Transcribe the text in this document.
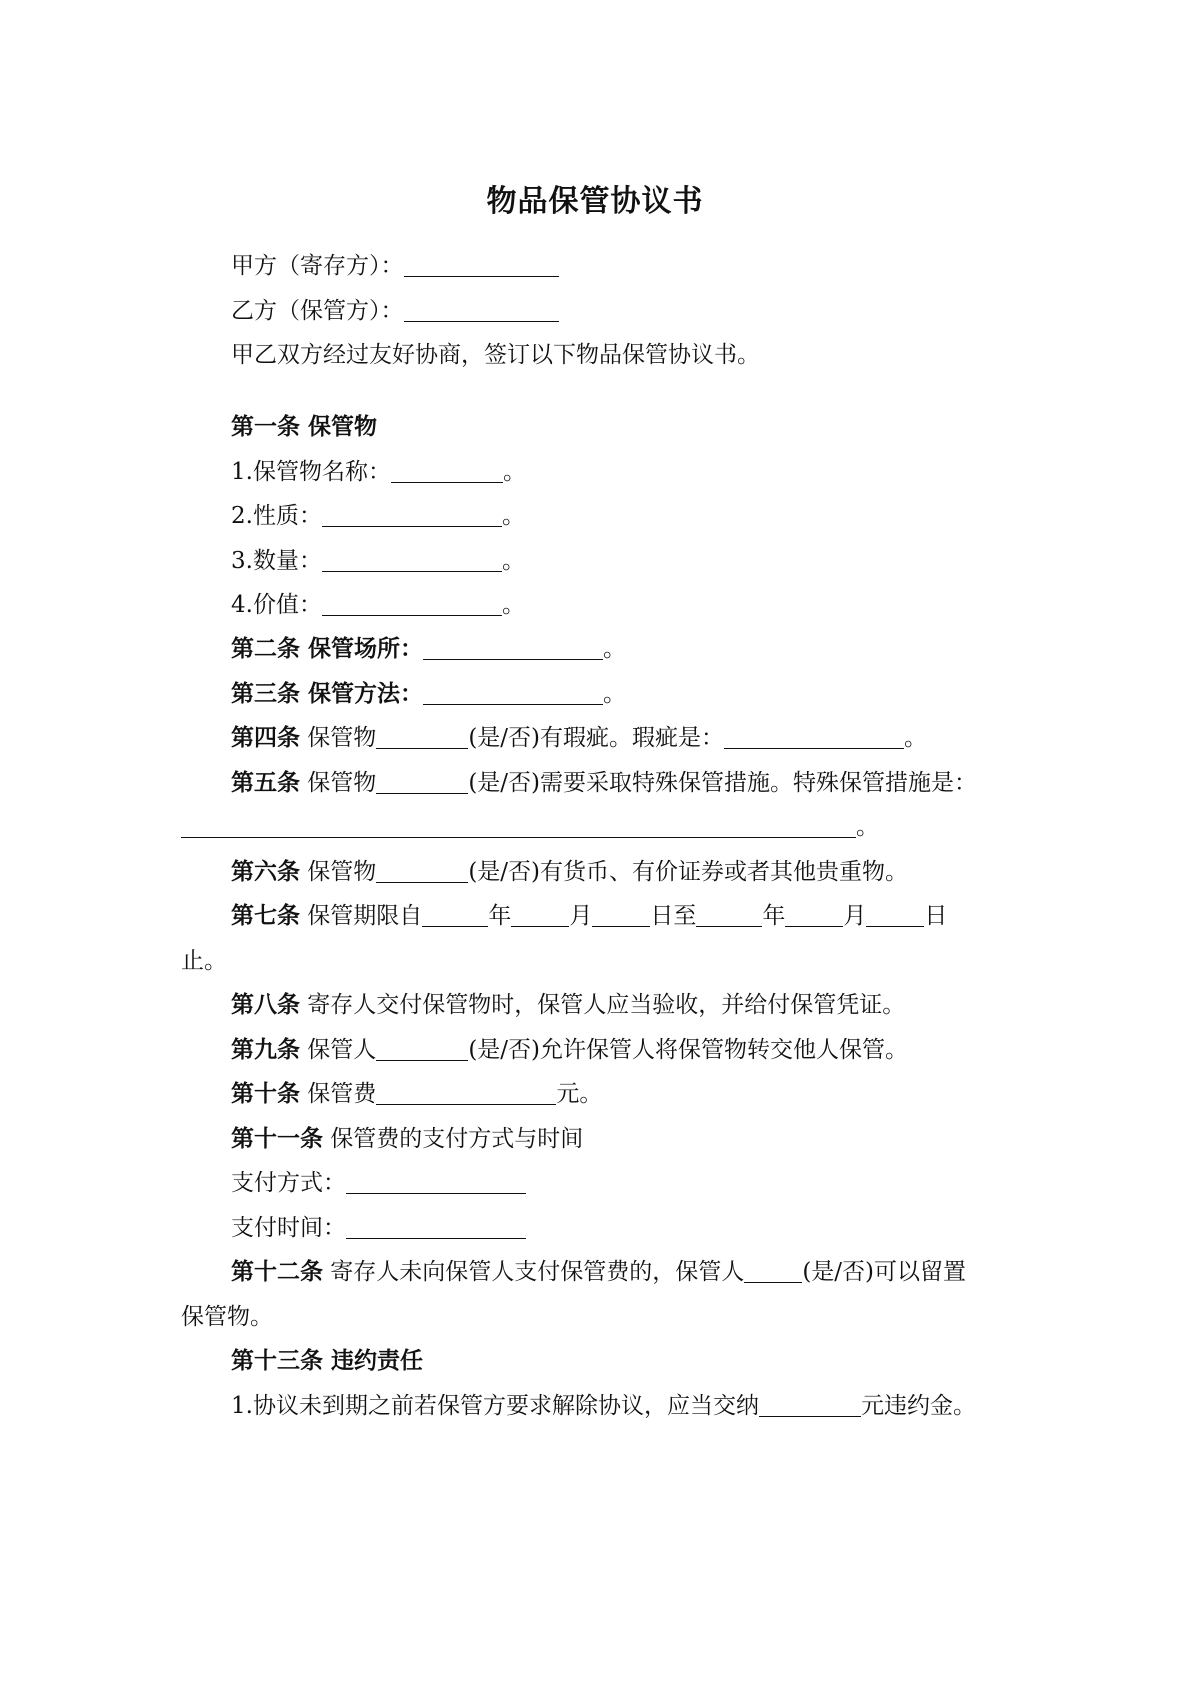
物品保管协议书
甲方（寄存方）：
乙方（保管方）：
甲乙双方经过友好协商，签订以下物品保管协议书。
第一条 保管物
1.保管物名称：	。
2.性质：	。
3.数量：	。
4.价值：	。
第二条 保管场所：	。
第三条 保管方法：	。
第四条 保管物	(是/否)有瑕疵。瑕疵是：	。
第五条 保管物	(是/否)需要采取特殊保管措施。特殊保管措施是：
。
第六条 保管物	(是/否)有货币、有价证券或者其他贵重物。
第七条 保管期限自	年	月	日至	年	月	日
止。
第八条 寄存人交付保管物时，保管人应当验收，并给付保管凭证。
第九条 保管人	(是/否)允许保管人将保管物转交他人保管。
第十条 保管费	元。
第十一条 保管费的支付方式与时间
支付方式：
支付时间：
第十二条 寄存人未向保管人支付保管费的，保管人	(是/否)可以留置
保管物。
第十三条 违约责任
1.协议未到期之前若保管方要求解除协议，应当交纳	元违约金。
